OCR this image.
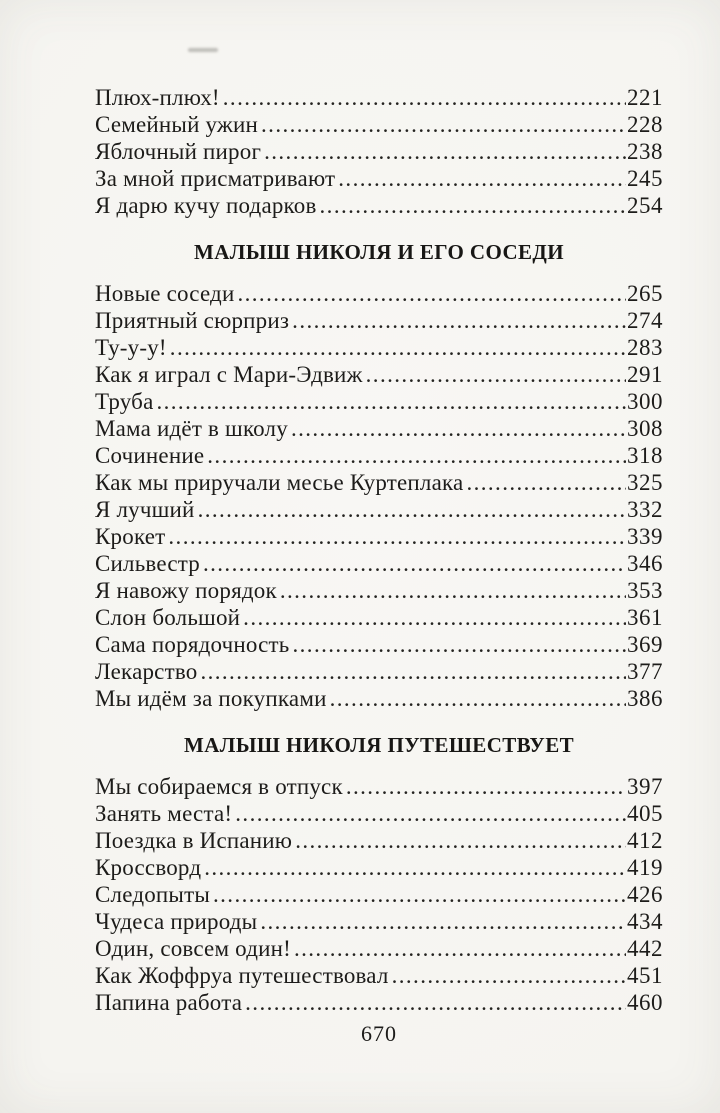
Плюх-плюх! .....	221
Семейный ужин .....	228
Яблочный пирог .....	238
За мной присматривают .....	245
Я дарю кучу подарков .....	254
МАЛЫШ НИКОЛЯ И ЕГО СОСЕДИ
Новые соседи .....	265
Приятный сюрприз .....	274
Ту-у-у! .....	283
Как я играл с Мари-Эдвиж .....	291
Труба .....	300
Мама идёт в школу .....	308
Сочинение .....	318
Как мы приручали месье Куртеплака .....	325
Я лучший .....	332
Крокет .....	339
Сильвестр .....	346
Я навожу порядок .....	353
Слон большой .....	361
Сама порядочность .....	369
Лекарство .....	377
Мы идём за покупками .....	386
МАЛЫШ НИКОЛЯ ПУТЕШЕСТВУЕТ
Мы собираемся в отпуск .....	397
Занять места! .....	405
Поездка в Испанию .....	412
Кроссворд .....	419
Следопыты .....	426
Чудеса природы .....	434
Один, совсем один! .....	442
Как Жоффруа путешествовал .....	451
Папина работа .....	460
670
